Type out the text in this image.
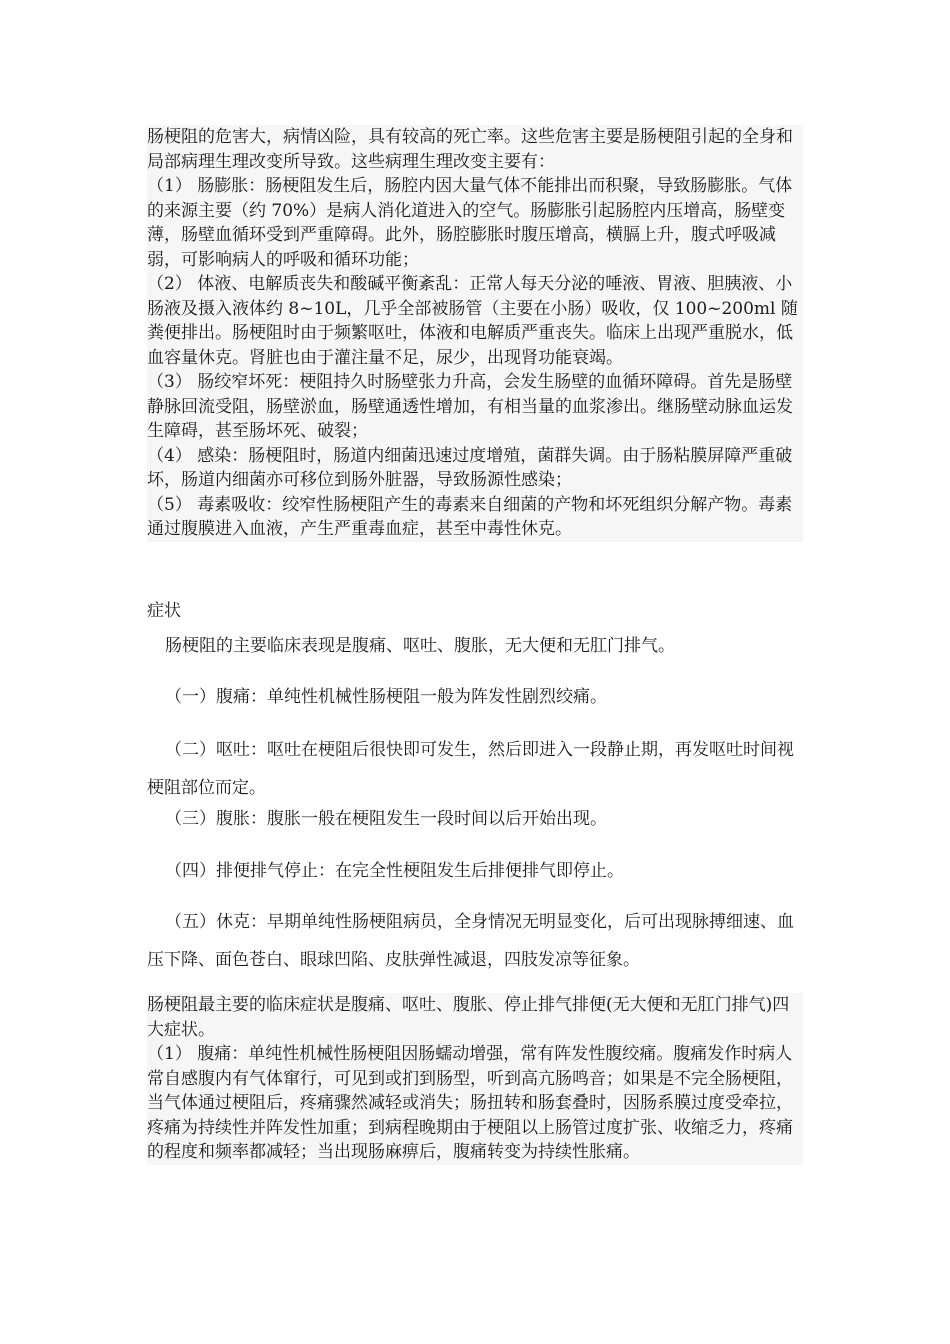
肠梗阻的危害大，病情凶险，具有较高的死亡率。这些危害主要是肠梗阻引起的全身和局部病理生理改变所导致。这些病理生理改变主要有：

（1） 肠膨胀：肠梗阻发生后，肠腔内因大量气体不能排出而积聚，导致肠膨胀。气体的来源主要（约 70%）是病人消化道进入的空气。肠膨胀引起肠腔内压增高，肠壁变薄，肠壁血循环受到严重障碍。此外，肠腔膨胀时腹压增高，横膈上升，腹式呼吸减弱，可影响病人的呼吸和循环功能；

（2） 体液、电解质丧失和酸碱平衡紊乱：正常人每天分泌的唾液、胃液、胆胰液、小肠液及摄入液体约 8~10L，几乎全部被肠管（主要在小肠）吸收，仅 100~200ml 随粪便排出。肠梗阻时由于频繁呕吐，体液和电解质严重丧失。临床上出现严重脱水，低血容量休克。肾脏也由于灌注量不足，尿少，出现肾功能衰竭。

（3） 肠绞窄坏死：梗阻持久时肠壁张力升高，会发生肠壁的血循环障碍。首先是肠壁静脉回流受阻，肠壁淤血，肠壁通透性增加，有相当量的血浆渗出。继肠壁动脉血运发生障碍，甚至肠坏死、破裂；

（4） 感染：肠梗阻时，肠道内细菌迅速过度增殖，菌群失调。由于肠粘膜屏障严重破坏，肠道内细菌亦可移位到肠外脏器，导致肠源性感染；

（5） 毒素吸收：绞窄性肠梗阻产生的毒素来自细菌的产物和坏死组织分解产物。毒素通过腹膜进入血液，产生严重毒血症，甚至中毒性休克。

症状

肠梗阻的主要临床表现是腹痛、呕吐、腹胀，无大便和无肛门排气。

（一）腹痛：单纯性机械性肠梗阻一般为阵发性剧烈绞痛。

（二）呕吐：呕吐在梗阻后很快即可发生，然后即进入一段静止期，再发呕吐时间视梗阻部位而定。

（三）腹胀：腹胀一般在梗阻发生一段时间以后开始出现。

（四）排便排气停止：在完全性梗阻发生后排便排气即停止。

（五）休克：早期单纯性肠梗阻病员，全身情况无明显变化，后可出现脉搏细速、血压下降、面色苍白、眼球凹陷、皮肤弹性减退，四肢发凉等征象。

肠梗阻最主要的临床症状是腹痛、呕吐、腹胀、停止排气排便(无大便和无肛门排气)四大症状。

（1） 腹痛：单纯性机械性肠梗阻因肠蠕动增强，常有阵发性腹绞痛。腹痛发作时病人常自感腹内有气体窜行，可见到或扪到肠型，听到高亢肠鸣音；如果是不完全肠梗阻，当气体通过梗阻后，疼痛骤然减轻或消失；肠扭转和肠套叠时，因肠系膜过度受牵拉，疼痛为持续性并阵发性加重；到病程晚期由于梗阻以上肠管过度扩张、收缩乏力，疼痛的程度和频率都减轻；当出现肠麻痹后，腹痛转变为持续性胀痛。
